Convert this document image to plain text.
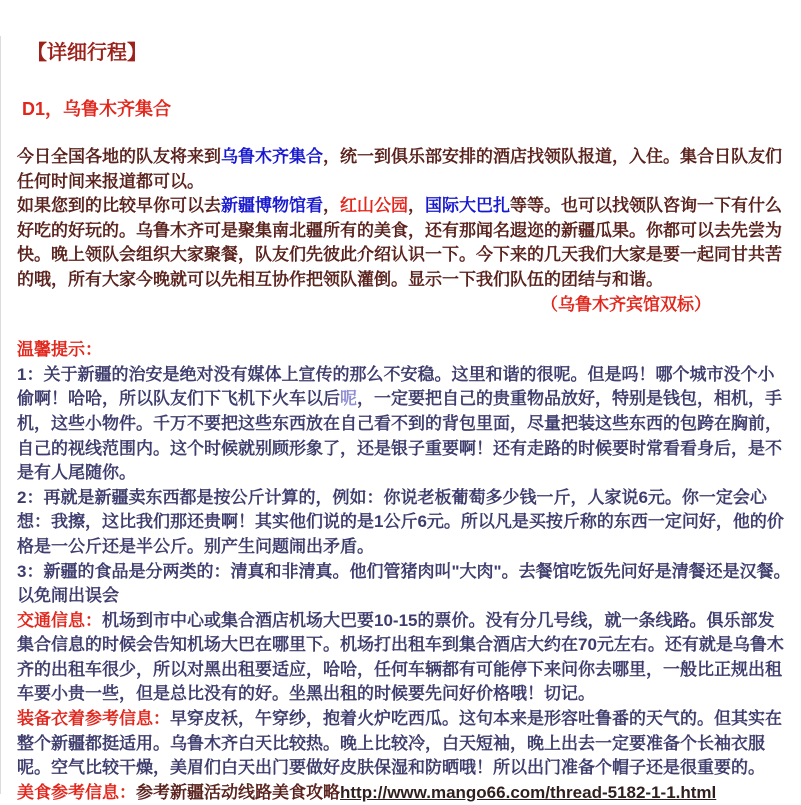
【详细行程】
D1，乌鲁木齐集合

今日全国各地的队友将来到乌鲁木齐集合，统一到俱乐部安排的酒店找领队报道，入住。集合日队友们任何时间来报道都可以。

如果您到的比较早你可以去新疆博物馆看，红山公园，国际大巴扎等等。也可以找领队咨询一下有什么好吃的好玩的。乌鲁木齐可是聚集南北疆所有的美食，还有那闻名遐迩的新疆瓜果。你都可以去先尝为快。晚上领队会组织大家聚餐，队友们先彼此介绍认识一下。今下来的几天我们大家是要一起同甘共苦的哦，所有大家今晚就可以先相互协作把领队灌倒。显示一下我们队伍的团结与和谐。

（乌鲁木齐宾馆双标）

温馨提示：

1：关于新疆的治安是绝对没有媒体上宣传的那么不安稳。这里和谐的很呢。但是吗！哪个城市没个小偷啊！哈哈，所以队友们下飞机下火车以后呢，一定要把自己的贵重物品放好，特别是钱包，相机，手机，这些小物件。千万不要把这些东西放在自己看不到的背包里面，尽量把装这些东西的包跨在胸前，自己的视线范围内。这个时候就别顾形象了，还是银子重要啊！还有走路的时候要时常看看身后，是不是有人尾随你。

2：再就是新疆卖东西都是按公斤计算的，例如：你说老板葡萄多少钱一斤，人家说6元。你一定会心想：我擦，这比我们那还贵啊！其实他们说的是1公斤6元。所以凡是买按斤称的东西一定问好，他的价格是一公斤还是半公斤。别产生问题闹出矛盾。

3：新疆的食品是分两类的：清真和非清真。他们管猪肉叫"大肉"。去餐馆吃饭先问好是清餐还是汉餐。以免闹出误会

交通信息：机场到市中心或集合酒店机场大巴要10-15的票价。没有分几号线，就一条线路。俱乐部发集合信息的时候会告知机场大巴在哪里下。机场打出租车到集合酒店大约在70元左右。还有就是乌鲁木齐的出租车很少，所以对黑出租要适应，哈哈，任何车辆都有可能停下来问你去哪里，一般比正规出租车要小贵一些，但是总比没有的好。坐黑出租的时候要先问好价格哦！切记。

装备衣着参考信息：早穿皮袄，午穿纱，抱着火炉吃西瓜。这句本来是形容吐鲁番的天气的。但其实在整个新疆都挺适用。乌鲁木齐白天比较热。晚上比较冷，白天短袖，晚上出去一定要准备个长袖衣服呢。空气比较干燥，美眉们白天出门要做好皮肤保湿和防晒哦！所以出门准备个帽子还是很重要的。

美食参考信息：参考新疆活动线路美食攻略http://www.mango66.com/thread-5182-1-1.html
